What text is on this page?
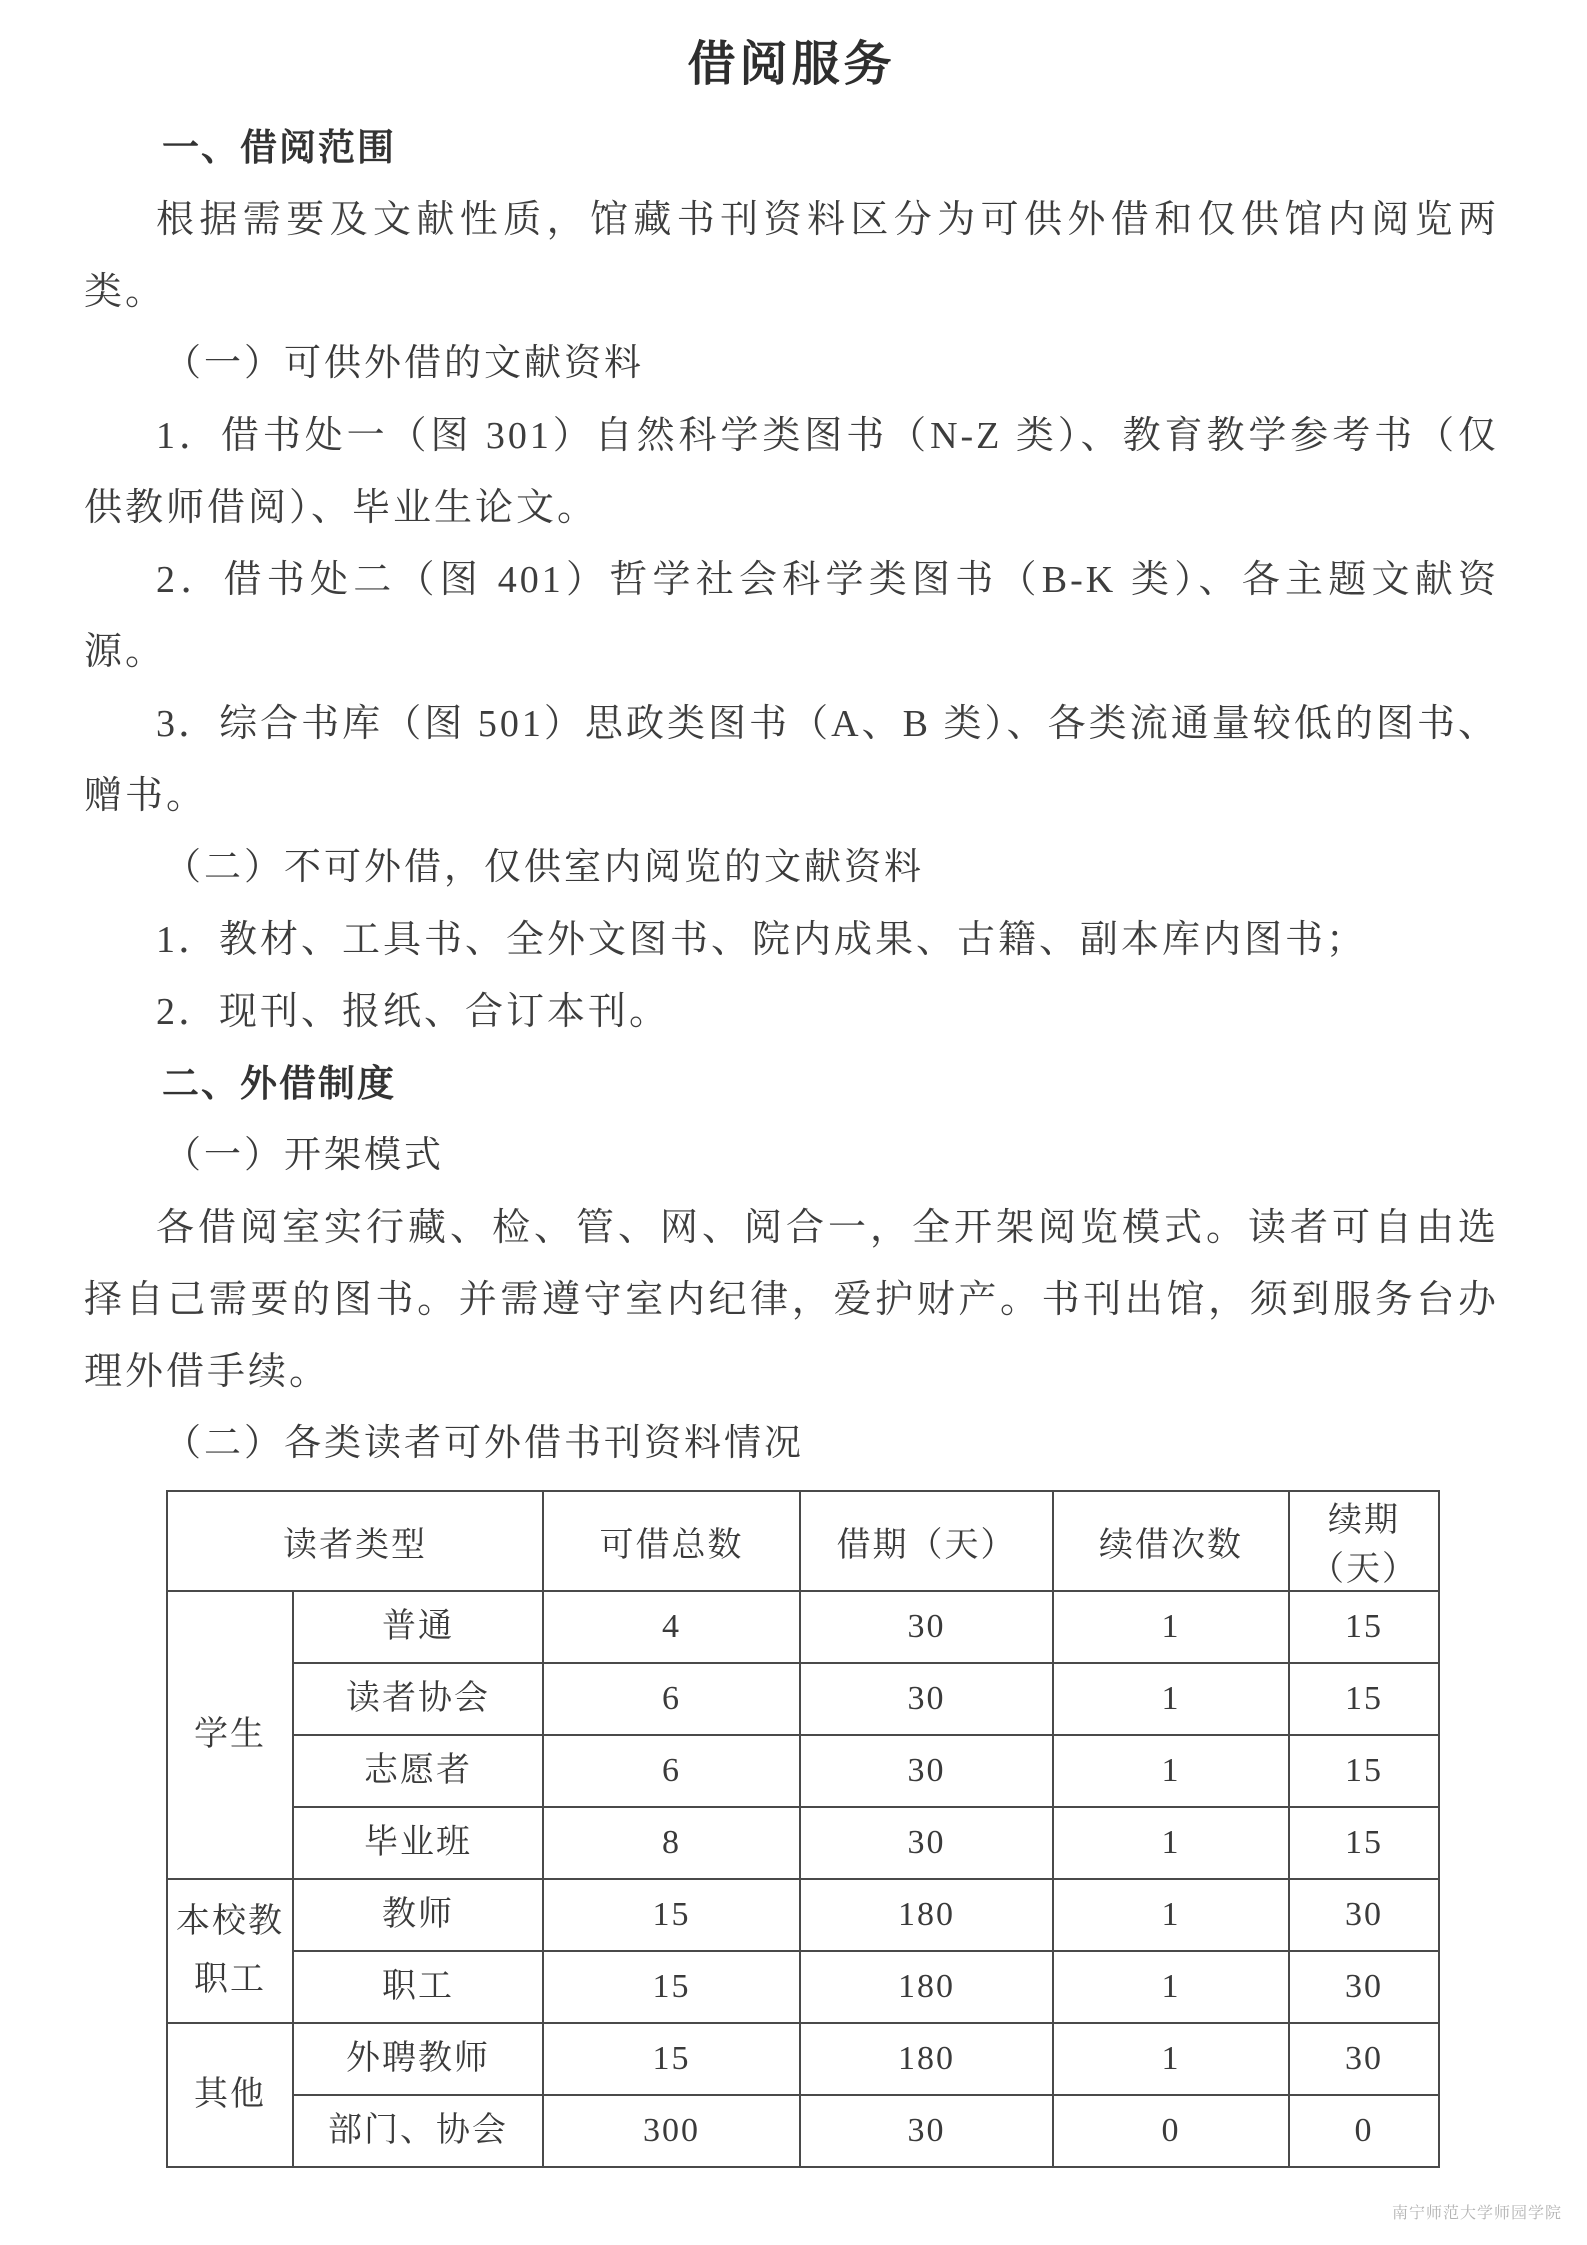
借阅服务
一、借阅范围

根据需要及文献性质，馆藏书刊资料区分为可供外借和仅供馆内阅览两类。

（一）可供外借的文献资料

1．借书处一（图 301）自然科学类图书（N-Z 类）、教育教学参考书（仅供教师借阅）、毕业生论文。

2．借书处二（图 401）哲学社会科学类图书（B-K 类）、各主题文献资源。

3．综合书库（图 501）思政类图书（A、B 类）、各类流通量较低的图书、赠书。

（二）不可外借，仅供室内阅览的文献资料

1．教材、工具书、全外文图书、院内成果、古籍、副本库内图书；

2．现刊、报纸、合订本刊。

二、外借制度
（一）开架模式

各借阅室实行藏、检、管、网、阅合一，全开架阅览模式。读者可自由选择自己需要的图书。并需遵守室内纪律，爱护财产。书刊出馆，须到服务台办理外借手续。

（二）各类读者可外借书刊资料情况
读者类型		可借总数	借期（天）	续借次数	续期（天）
学生	普通	4	30	1	15
	读者协会	6	30	1	15
	志愿者	6	30	1	15
	毕业班	8	30	1	15
本校教职工	教师	15	180	1	30
	职工	15	180	1	30
其他	外聘教师	15	180	1	30
	部门、协会	300	30	0	0
南宁师范大学师园学院
